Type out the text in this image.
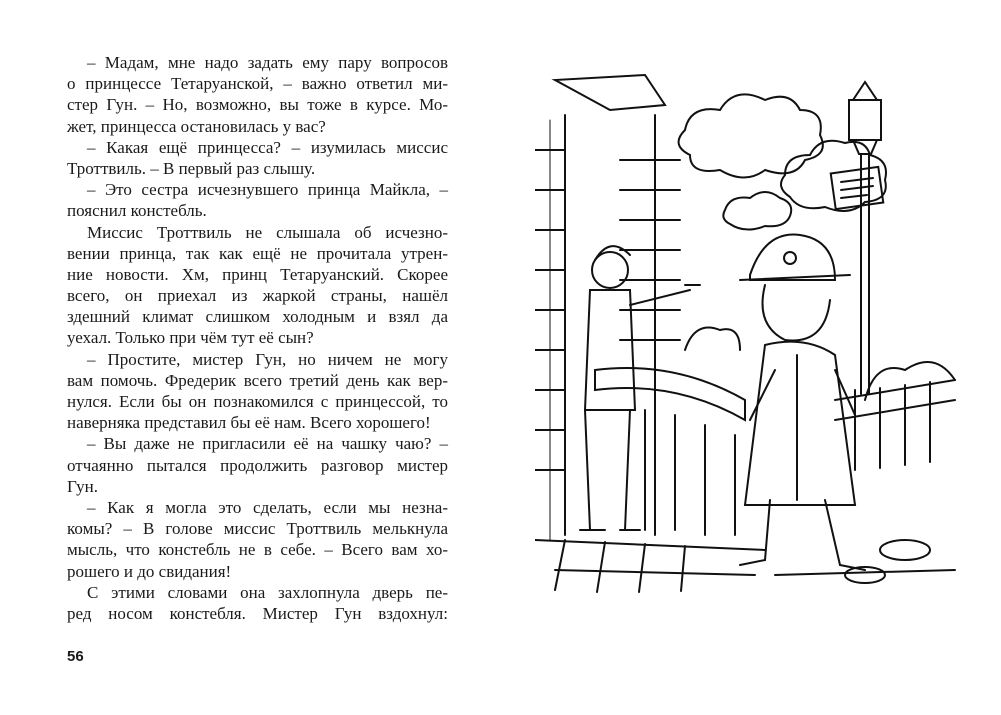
– Мадам, мне надо задать ему пару вопросов
о принцессе Тетаруанской, – важно ответил ми-
стер Гун. – Но, возможно, вы тоже в курсе. Мо-
жет, принцесса остановилась у вас?
– Какая ещё принцесса? – изумилась миссис
Троттвиль. – В первый раз слышу.
– Это сестра исчезнувшего принца Майкла, –
пояснил констебль.
Миссис Троттвиль не слышала об исчезно-
вении принца, так как ещё не прочитала утрен-
ние новости. Хм, принц Тетаруанский. Скорее
всего, он приехал из жаркой страны, нашёл
здешний климат слишком холодным и взял да
уехал. Только при чём тут её сын?
– Простите, мистер Гун, но ничем не могу
вам помочь. Фредерик всего третий день как вер-
нулся. Если бы он познакомился с принцессой, то
наверняка представил бы её нам. Всего хорошего!
– Вы даже не пригласили её на чашку чаю? –
отчаянно пытался продолжить разговор мистер
Гун.
– Как я могла это сделать, если мы незна-
комы? – В голове миссис Троттвиль мелькнула
мысль, что констебль не в себе. – Всего вам хо-
рошего и до свидания!
С этими словами она захлопнула дверь пе-
ред носом констебля. Мистер Гун вздохнул:
56
